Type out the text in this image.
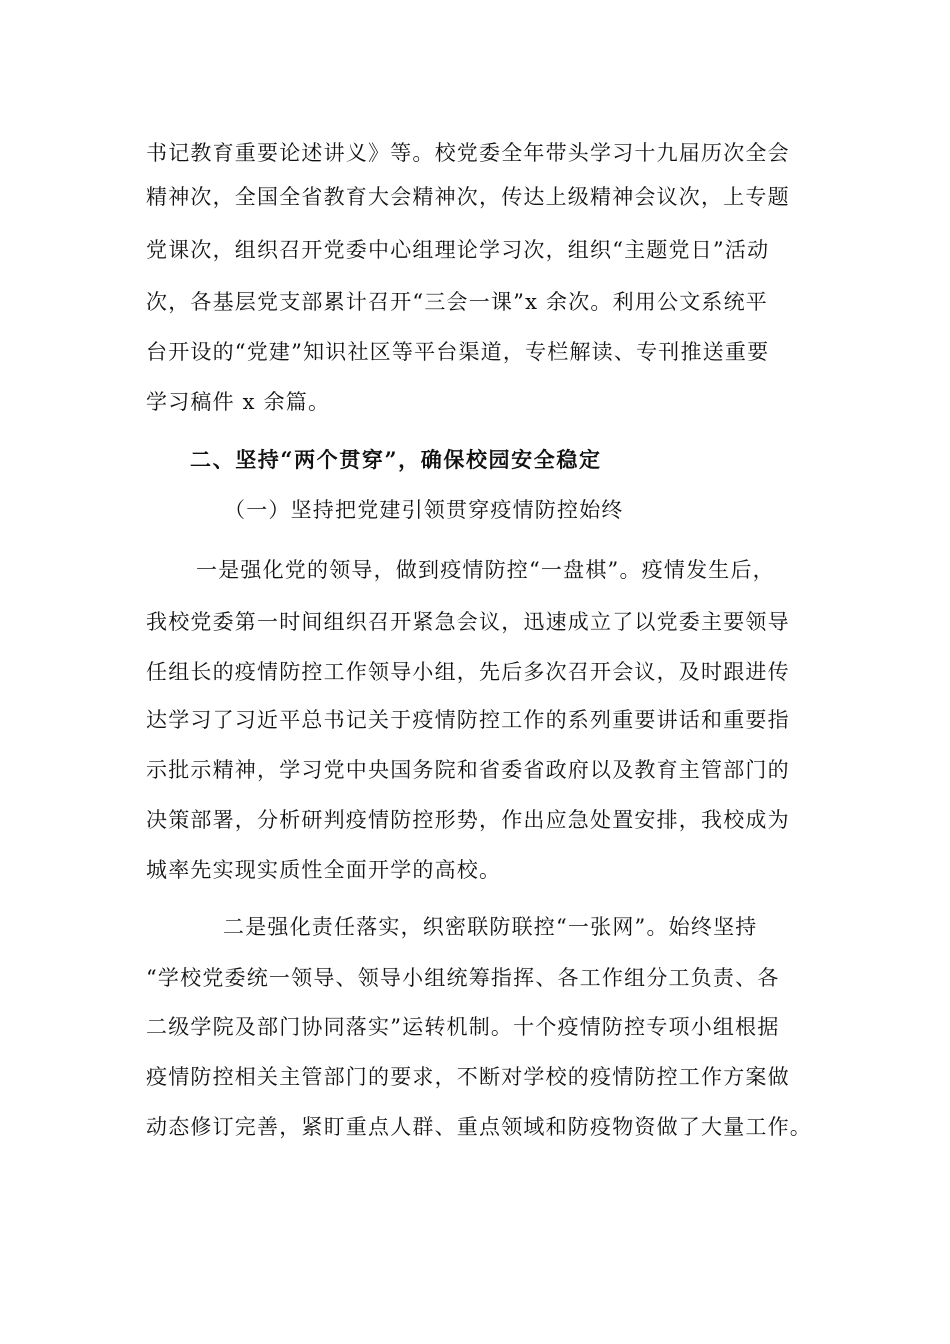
书记教育重要论述讲义》等。校党委全年带头学习十九届历次全会
精神次，全国全省教育大会精神次，传达上级精神会议次，上专题
党课次，组织召开党委中心组理论学习次，组织“主题党日”活动
次，各基层党支部累计召开“三会一课”x 余次。利用公文系统平
台开设的“党建”知识社区等平台渠道，专栏解读、专刊推送重要
学习稿件 x 余篇。
二、坚持“两个贯穿”，确保校园安全稳定
（一）坚持把党建引领贯穿疫情防控始终
一是强化党的领导，做到疫情防控“一盘棋”。疫情发生后，
我校党委第一时间组织召开紧急会议，迅速成立了以党委主要领导
任组长的疫情防控工作领导小组，先后多次召开会议，及时跟进传
达学习了习近平总书记关于疫情防控工作的系列重要讲话和重要指
示批示精神，学习党中央国务院和省委省政府以及教育主管部门的
决策部署，分析研判疫情防控形势，作出应急处置安排，我校成为
城率先实现实质性全面开学的高校。
二是强化责任落实，织密联防联控“一张网”。始终坚持
“学校党委统一领导、领导小组统筹指挥、各工作组分工负责、各
二级学院及部门协同落实”运转机制。十个疫情防控专项小组根据
疫情防控相关主管部门的要求，不断对学校的疫情防控工作方案做
动态修订完善，紧盯重点人群、重点领域和防疫物资做了大量工作。
